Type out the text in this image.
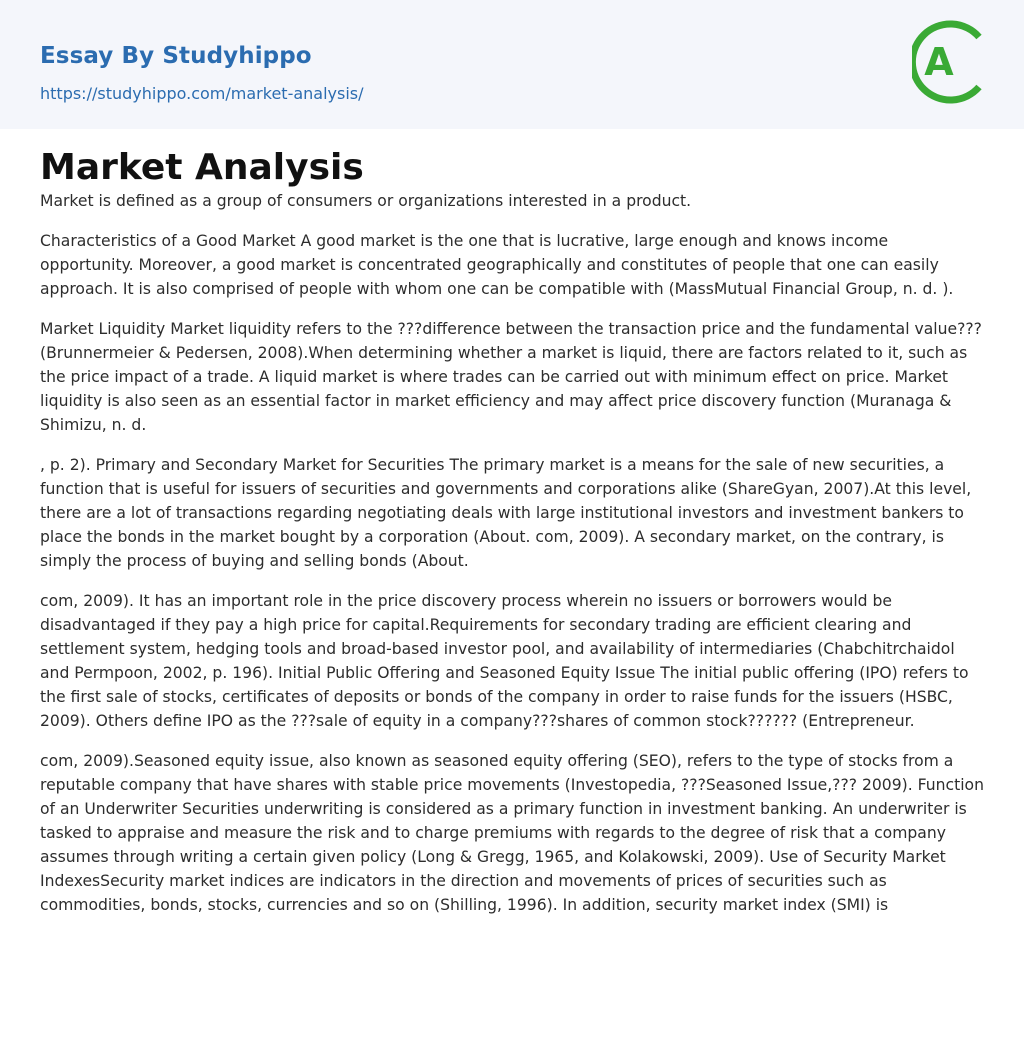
Essay By Studyhippo
https://studyhippo.com/market-analysis/
A
Market Analysis

Market is defined as a group of consumers or organizations interested in a product.

Characteristics of a Good Market A good market is the one that is lucrative, large enough and knows income opportunity. Moreover, a good market is concentrated geographically and constitutes of people that one can easily approach. It is also comprised of people with whom one can be compatible with (MassMutual Financial Group, n. d. ).

Market Liquidity Market liquidity refers to the ???difference between the transaction price and the fundamental value??? (Brunnermeier & Pedersen, 2008).When determining whether a market is liquid, there are factors related to it, such as the price impact of a trade. A liquid market is where trades can be carried out with minimum effect on price. Market liquidity is also seen as an essential factor in market efficiency and may affect price discovery function (Muranaga & Shimizu, n. d.

, p. 2). Primary and Secondary Market for Securities The primary market is a means for the sale of new securities, a function that is useful for issuers of securities and governments and corporations alike (ShareGyan, 2007).At this level, there are a lot of transactions regarding negotiating deals with large institutional investors and investment bankers to place the bonds in the market bought by a corporation (About. com, 2009). A secondary market, on the contrary, is simply the process of buying and selling bonds (About.

com, 2009). It has an important role in the price discovery process wherein no issuers or borrowers would be disadvantaged if they pay a high price for capital.Requirements for secondary trading are efficient clearing and settlement system, hedging tools and broad-based investor pool, and availability of intermediaries (Chabchitrchaidol and Permpoon, 2002, p. 196). Initial Public Offering and Seasoned Equity Issue The initial public offering (IPO) refers to the first sale of stocks, certificates of deposits or bonds of the company in order to raise funds for the issuers (HSBC, 2009). Others define IPO as the ???sale of equity in a company???shares of common stock?????? (Entrepreneur.

com, 2009).Seasoned equity issue, also known as seasoned equity offering (SEO), refers to the type of stocks from a reputable company that have shares with stable price movements (Investopedia, ???Seasoned Issue,??? 2009). Function of an Underwriter Securities underwriting is considered as a primary function in investment banking. An underwriter is tasked to appraise and measure the risk and to charge premiums with regards to the degree of risk that a company assumes through writing a certain given policy (Long & Gregg, 1965, and Kolakowski, 2009). Use of Security Market IndexesSecurity market indices are indicators in the direction and movements of prices of securities such as commodities, bonds, stocks, currencies and so on (Shilling, 1996). In addition, security market index (SMI) is
